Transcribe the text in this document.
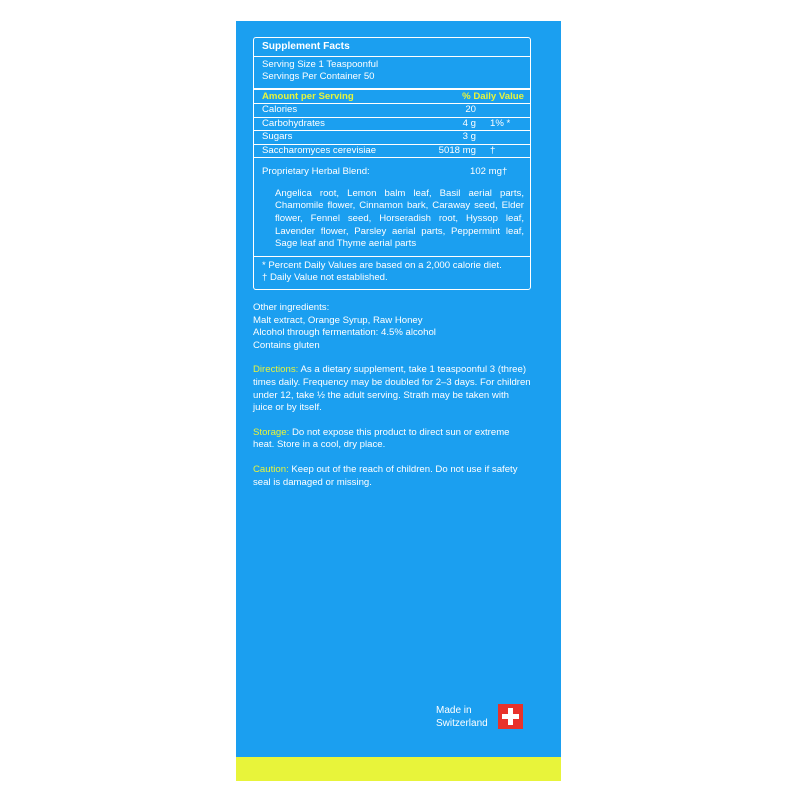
Supplement Facts
Serving Size 1 Teaspoonful
Servings Per Container 50
Amount per Serving	% Daily Value
Calories	20
Carbohydrates	4 g	1% *
Sugars	3 g
Saccharomyces cerevisiae	5018 mg	†
Proprietary Herbal Blend:	102 mg†
Angelica root, Lemon balm leaf, Basil aerial parts, Chamomile flower, Cinnamon bark, Caraway seed, Elder flower, Fennel seed, Horseradish root, Hyssop leaf, Lavender flower, Parsley aerial parts, Peppermint leaf, Sage leaf and Thyme aerial parts
* Percent Daily Values are based on a 2,000 calorie diet.
† Daily Value not established.
Other ingredients:
Malt extract, Orange Syrup, Raw Honey
Alcohol through fermentation: 4.5% alcohol
Contains gluten
Directions: As a dietary supplement, take 1 teaspoonful 3 (three) times daily. Frequency may be doubled for 2–3 days. For children under 12, take ½ the adult serving. Strath may be taken with juice or by itself.
Storage: Do not expose this product to direct sun or extreme heat. Store in a cool, dry place.
Caution: Keep out of the reach of children. Do not use if safety seal is damaged or missing.
Made in
Switzerland
